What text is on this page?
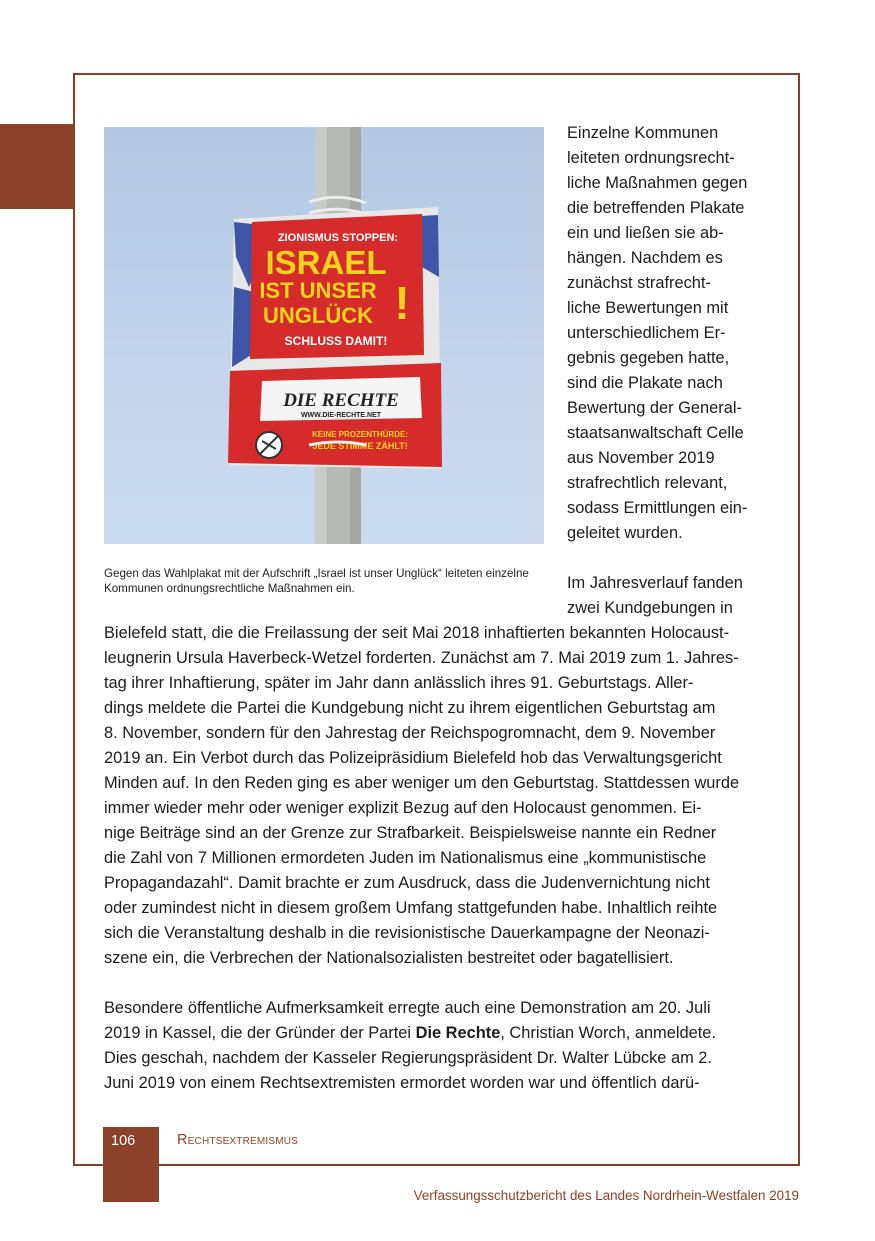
ZIONISMUS STOPPEN:
ISRAEL
IST UNSER
UNGLÜCK !
SCHLUSS DAMIT!
DIE RECHTE
WWW.DIE-RECHTE.NET
KEINE PROZENTHÜRDE:
JEDE STIMME ZÄHLT!
Gegen das Wahlplakat mit der Aufschrift „Israel ist unser Unglück“ leiteten einzelne Kommunen ordnungsrechtliche Maßnahmen ein.

Einzelne Kommunen
leiteten ordnungsrecht-
liche Maßnahmen gegen
die betreffenden Plakate
ein und ließen sie ab-
hängen. Nachdem es
zunächst strafrecht-
liche Bewertungen mit
unterschiedlichem Er-
gebnis gegeben hatte,
sind die Plakate nach
Bewertung der General-
staatsanwaltschaft Celle
aus November 2019
strafrechtlich relevant,
sodass Ermittlungen ein-
geleitet wurden.

Im Jahresverlauf fanden
zwei Kundgebungen in

Bielefeld statt, die die Freilassung der seit Mai 2018 inhaftierten bekannten Holocaust-
leugnerin Ursula Haverbeck-Wetzel forderten. Zunächst am 7. Mai 2019 zum 1. Jahres-
tag ihrer Inhaftierung, später im Jahr dann anlässlich ihres 91. Geburtstags. Aller-
dings meldete die Partei die Kundgebung nicht zu ihrem eigentlichen Geburtstag am
8. November, sondern für den Jahrestag der Reichspogromnacht, dem 9. November
2019 an. Ein Verbot durch das Polizeipräsidium Bielefeld hob das Verwaltungsgericht
Minden auf. In den Reden ging es aber weniger um den Geburtstag. Stattdessen wurde
immer wieder mehr oder weniger explizit Bezug auf den Holocaust genommen. Ei-
nige Beiträge sind an der Grenze zur Strafbarkeit. Beispielsweise nannte ein Redner
die Zahl von 7 Millionen ermordeten Juden im Nationalismus eine „kommunistische
Propagandazahl“. Damit brachte er zum Ausdruck, dass die Judenvernichtung nicht
oder zumindest nicht in diesem großem Umfang stattgefunden habe. Inhaltlich reihte
sich die Veranstaltung deshalb in die revisionistische Dauerkampagne der Neonazi-
szene ein, die Verbrechen der Nationalsozialisten bestreitet oder bagatellisiert.
Besondere öffentliche Aufmerksamkeit erregte auch eine Demonstration am 20. Juli
2019 in Kassel, die der Gründer der Partei Die Rechte, Christian Worch, anmeldete.
Dies geschah, nachdem der Kasseler Regierungspräsident Dr. Walter Lübcke am 2.
Juni 2019 von einem Rechtsextremisten ermordet worden war und öffentlich darü-
106	Rechtsextremismus
Verfassungsschutzbericht des Landes Nordrhein-Westfalen 2019
